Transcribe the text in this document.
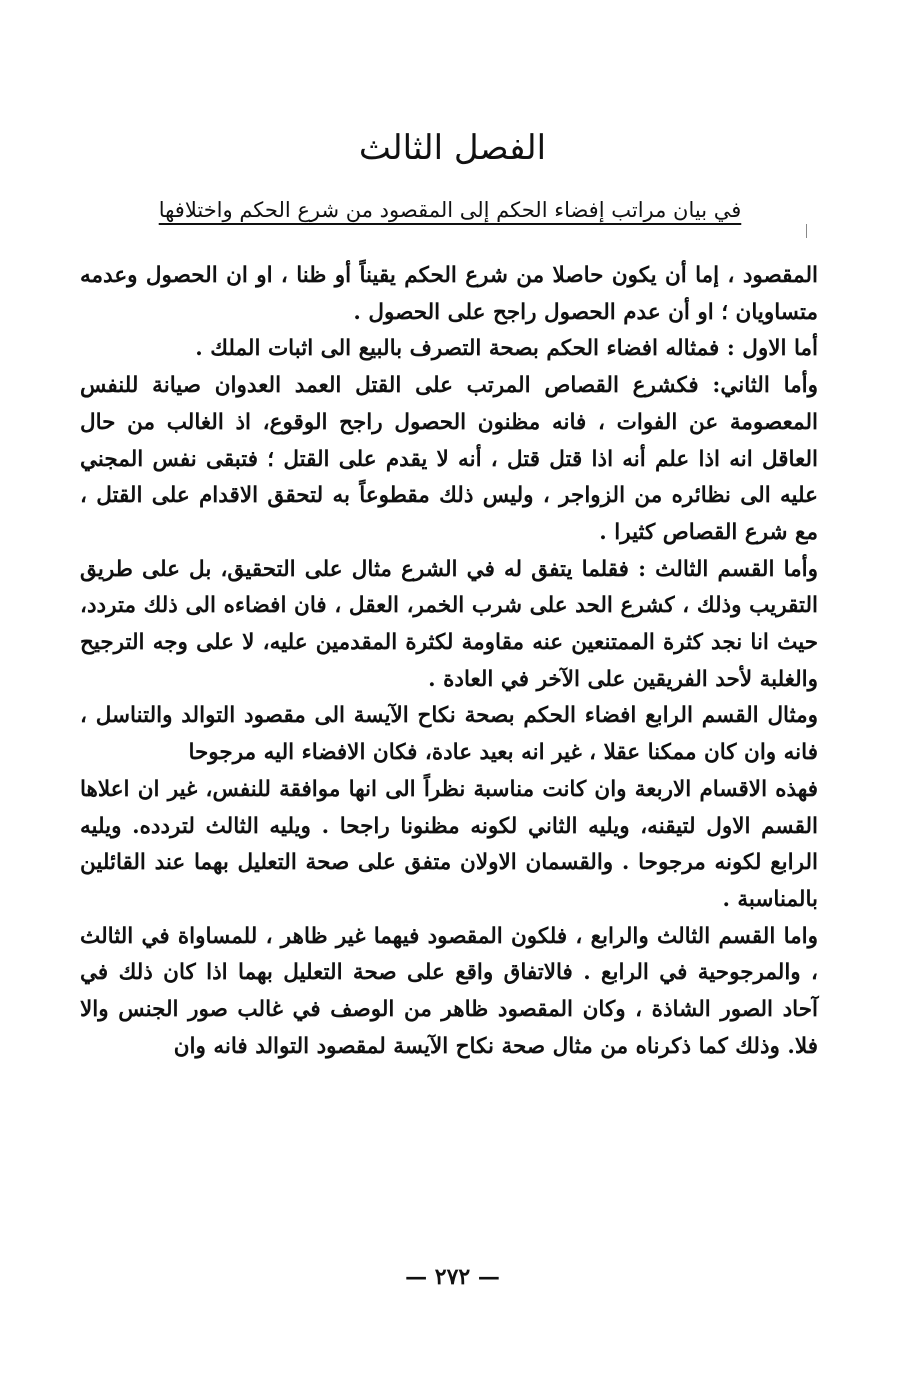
الفصل الثالث
في بيان مراتب إفضاء الحكم إلى المقصود من شرع الحكم واختلافها

المقصود ، إما أن يكون حاصلا من شرع الحكم يقيناً أو ظنا ، او ان الحصول وعدمه متساويان ؛ او أن عدم الحصول راجح على الحصول .

أما الاول : فمثاله افضاء الحكم بصحة التصرف بالبيع الى اثبات الملك .

وأما الثاني: فكشرع القصاص المرتب على القتل العمد العدوان صيانة للنفس المعصومة عن الفوات ، فانه مظنون الحصول راجح الوقوع، اذ الغالب من حال العاقل انه اذا علم أنه اذا قتل قتل ، أنه لا يقدم على القتل ؛ فتبقى نفس المجني عليه الى نظائره من الزواجر ، وليس ذلك مقطوعاً به لتحقق الاقدام على القتل ، مع شرع القصاص كثيرا .

وأما القسم الثالث : فقلما يتفق له في الشرع مثال على التحقيق، بل على طريق التقريب وذلك ، كشرع الحد على شرب الخمر، العقل ، فان افضاءه الى ذلك متردد، حيث انا نجد كثرة الممتنعين عنه مقاومة لكثرة المقدمين عليه، لا على وجه الترجيح والغلبة لأحد الفريقين على الآخر في العادة .

ومثال القسم الرابع افضاء الحكم بصحة نكاح الآيسة الى مقصود التوالد والتناسل ، فانه وان كان ممكنا عقلا ، غير انه بعيد عادة، فكان الافضاء اليه مرجوحا

فهذه الاقسام الاربعة وان كانت مناسبة نظراً الى انها موافقة للنفس، غير ان اعلاها القسم الاول لتيقنه، ويليه الثاني لكونه مظنونا راجحا . ويليه الثالث لتردده. ويليه الرابع لكونه مرجوحا . والقسمان الاولان متفق على صحة التعليل بهما عند القائلين بالمناسبة .

واما القسم الثالث والرابع ، فلكون المقصود فيهما غير ظاهر ، للمساواة في الثالث ، والمرجوحية في الرابع . فالاتفاق واقع على صحة التعليل بهما اذا كان ذلك في آحاد الصور الشاذة ، وكان المقصود ظاهر من الوصف في غالب صور الجنس والا فلا. وذلك كما ذكرناه من مثال صحة نكاح الآيسة لمقصود التوالد فانه وان

— ٢٧٢ —
